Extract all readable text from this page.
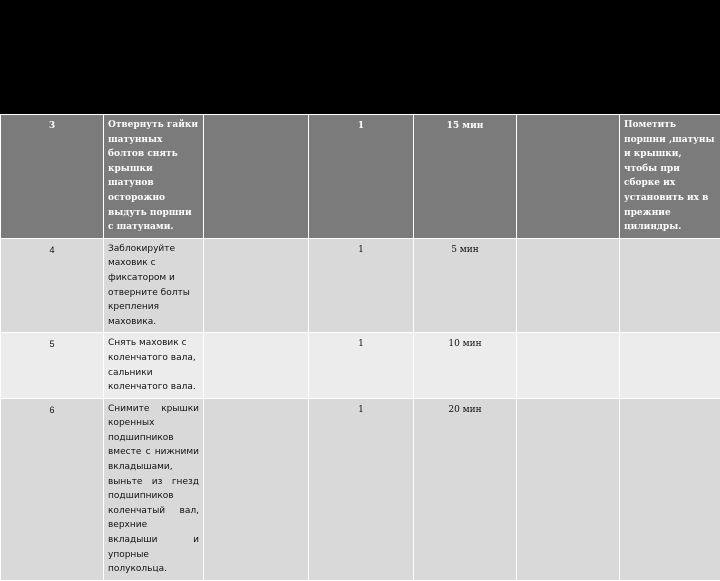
3	Отвернуть гайки шатунных болтов снять крышки шатунов осторожно выдуть поршни с шатунами.		1	15 мин		Пометить поршни ,шатуны и крышки, чтобы при сборке их установить их в прежние цилиндры.
4	Заблокируйте маховик с фиксатором и отверните болты крепления маховика.		1	5 мин		
5	Снять маховик с коленчатого вала, сальники коленчатого вала.		1	10 мин		
6	Снимите крышки коренных подшипников вместе с нижними вкладышами, выньте из гнезд подшипников коленчатый вал, верхние вкладыши и упорные полукольца.		1	20 мин		
